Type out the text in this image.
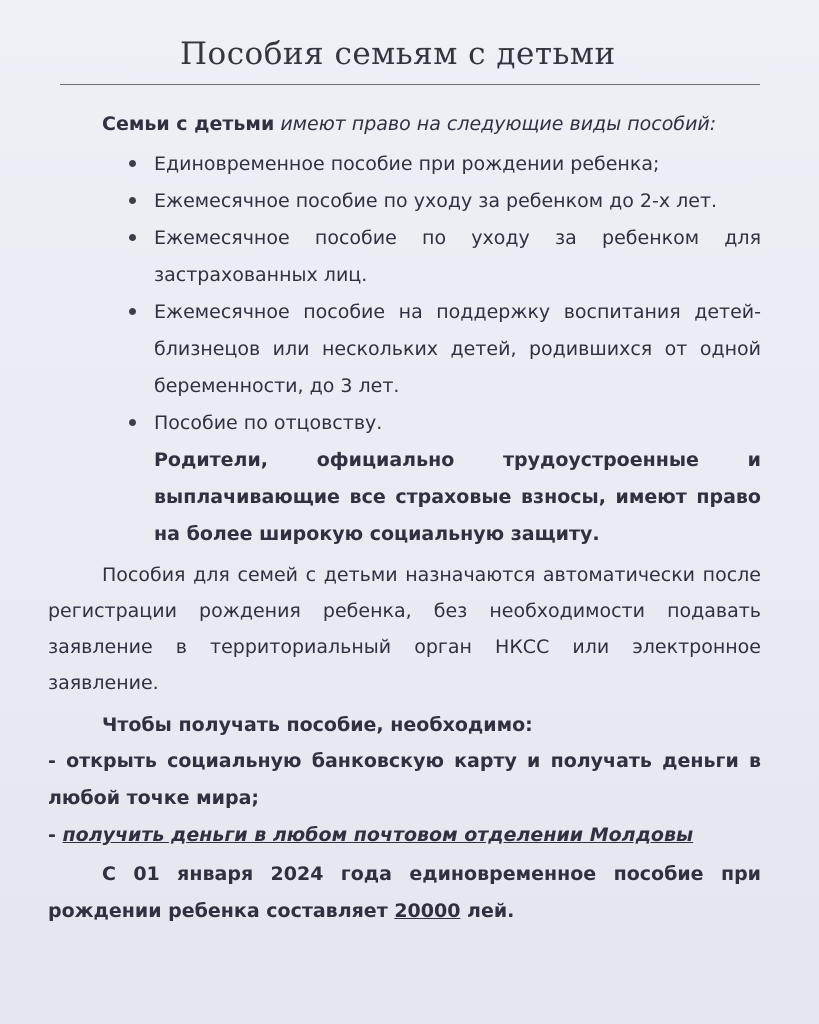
Пособия семьям с детьми

Семьи с детьми имеют право на следующие виды пособий:

Единовременное пособие при рождении ребенка;
Ежемесячное пособие по уходу за ребенком до 2-х лет.
Ежемесячное пособие по уходу за ребенком для застрахованных лиц.
Ежемесячное пособие на поддержку воспитания детей-близнецов или нескольких детей, родившихся от одной беременности, до 3 лет.
Пособие по отцовству.

Родители, официально трудоустроенные и выплачивающие все страховые взносы, имеют право на более широкую социальную защиту.

Пособия для семей с детьми назначаются автоматически после регистрации рождения ребенка, без необходимости подавать заявление в территориальный орган НКСС или электронное заявление.

Чтобы получать пособие, необходимо:

- открыть социальную банковскую карту и получать деньги в любой точке мира;

- получить деньги в любом почтовом отделении Молдовы

С 01 января 2024 года единовременное пособие при рождении ребенка составляет 20000 лей.
